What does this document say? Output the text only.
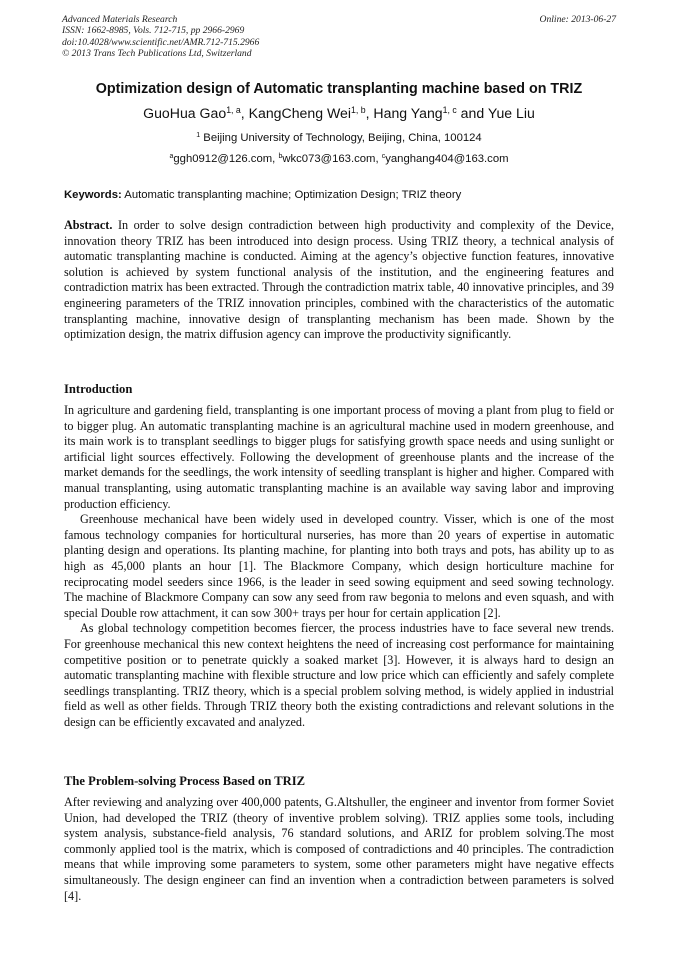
Advanced Materials Research
ISSN: 1662-8985, Vols. 712-715, pp 2966-2969
doi:10.4028/www.scientific.net/AMR.712-715.2966
© 2013 Trans Tech Publications Ltd, Switzerland
Online: 2013-06-27
Optimization design of Automatic transplanting machine based on TRIZ
GuoHua Gao$^{1, a}$, KangCheng Wei$^{1, b}$, Hang Yang$^{1, c}$ and Yue Liu
$^1$ Beijing University of Technology, Beijing, China, 100124
$^a$ggh0912@126.com, $^b$wkc073@163.com, $^c$yanghang404@163.com
Keywords: Automatic transplanting machine; Optimization Design; TRIZ theory

Abstract. In order to solve design contradiction between high productivity and complexity of the Device, innovation theory TRIZ has been introduced into design process. Using TRIZ theory, a technical analysis of automatic transplanting machine is conducted. Aiming at the agency’s objective function features, innovative solution is achieved by system functional analysis of the institution, and the engineering features and contradiction matrix has been extracted. Through the contradiction matrix table, 40 innovative principles, and 39 engineering parameters of the TRIZ innovation principles, combined with the characteristics of the automatic transplanting machine, innovative design of transplanting mechanism has been made. Shown by the optimization design, the matrix diffusion agency can improve the productivity significantly.

Introduction

In agriculture and gardening field, transplanting is one important process of moving a plant from plug to field or to bigger plug. An automatic transplanting machine is an agricultural machine used in modern greenhouse, and its main work is to transplant seedlings to bigger plugs for satisfying growth space needs and using sunlight or artificial light sources effectively. Following the development of greenhouse plants and the increase of the market demands for the seedlings, the work intensity of seedling transplant is higher and higher. Compared with manual transplanting, using automatic transplanting machine is an available way saving labor and improving production efficiency.

Greenhouse mechanical have been widely used in developed country. Visser, which is one of the most famous technology companies for horticultural nurseries, has more than 20 years of expertise in automatic planting design and operations. Its planting machine, for planting into both trays and pots, has ability up to as high as 45,000 plants an hour [1]. The Blackmore Company, which design horticulture machine for reciprocating model seeders since 1966, is the leader in seed sowing equipment and seed sowing technology. The machine of Blackmore Company can sow any seed from raw begonia to melons and even squash, and with special Double row attachment, it can sow 300+ trays per hour for certain application [2].

As global technology competition becomes fiercer, the process industries have to face several new trends. For greenhouse mechanical this new context heightens the need of increasing cost performance for maintaining competitive position or to penetrate quickly a soaked market [3]. However, it is always hard to design an automatic transplanting machine with flexible structure and low price which can efficiently and safely complete seedlings transplanting. TRIZ theory, which is a special problem solving method, is widely applied in industrial field as well as other fields. Through TRIZ theory both the existing contradictions and relevant solutions in the design can be efficiently excavated and analyzed.

The Problem-solving Process Based on TRIZ

After reviewing and analyzing over 400,000 patents, G.Altshuller, the engineer and inventor from former Soviet Union, had developed the TRIZ (theory of inventive problem solving). TRIZ applies some tools, including system analysis, substance-field analysis, 76 standard solutions, and ARIZ for problem solving.The most commonly applied tool is the matrix, which is composed of contradictions and 40 principles. The contradiction means that while improving some parameters to system, some other parameters might have negative effects simultaneously. The design engineer can find an invention when a contradiction between parameters is solved [4].
